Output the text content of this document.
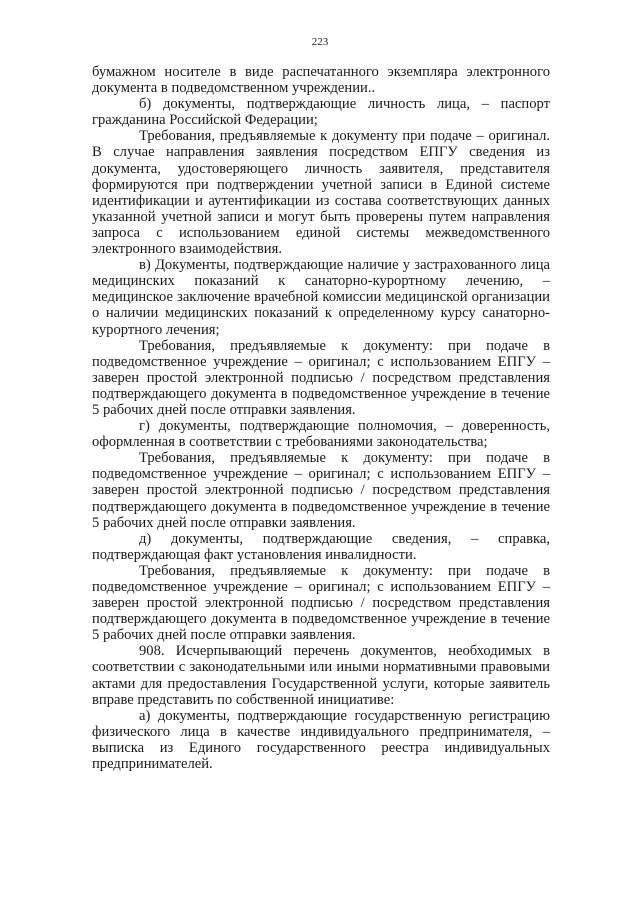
223

бумажном носителе в виде распечатанного экземпляра электронного документа в подведомственном учреждении..

б) документы, подтверждающие личность лица, – паспорт гражданина Российской Федерации;

Требования, предъявляемые к документу при подаче – оригинал. В случае направления заявления посредством ЕПГУ сведения из документа, удостоверяющего личность заявителя, представителя формируются при подтверждении учетной записи в Единой системе идентификации и аутентификации из состава соответствующих данных указанной учетной записи и могут быть проверены путем направления запроса с использованием единой системы межведомственного электронного взаимодействия.

в) Документы, подтверждающие наличие у застрахованного лица медицинских показаний к санаторно-курортному лечению, – медицинское заключение врачебной комиссии медицинской организации о наличии медицинских показаний к определенному курсу санаторно-курортного лечения;

Требования, предъявляемые к документу: при подаче в подведомственное учреждение – оригинал; с использованием ЕПГУ – заверен простой электронной подписью / посредством представления подтверждающего документа в подведомственное учреждение в течение 5 рабочих дней после отправки заявления.

г) документы, подтверждающие полномочия, – доверенность, оформленная в соответствии с требованиями законодательства;

Требования, предъявляемые к документу: при подаче в подведомственное учреждение – оригинал; с использованием ЕПГУ – заверен простой электронной подписью / посредством представления подтверждающего документа в подведомственное учреждение в течение 5 рабочих дней после отправки заявления.

д) документы, подтверждающие сведения, – справка, подтверждающая факт установления инвалидности.

Требования, предъявляемые к документу: при подаче в подведомственное учреждение – оригинал; с использованием ЕПГУ – заверен простой электронной подписью / посредством представления подтверждающего документа в подведомственное учреждение в течение 5 рабочих дней после отправки заявления.

908. Исчерпывающий перечень документов, необходимых в соответствии с законодательными или иными нормативными правовыми актами для предоставления Государственной услуги, которые заявитель вправе представить по собственной инициативе:

а) документы, подтверждающие государственную регистрацию физического лица в качестве индивидуального предпринимателя, – выписка из Единого государственного реестра индивидуальных предпринимателей.
